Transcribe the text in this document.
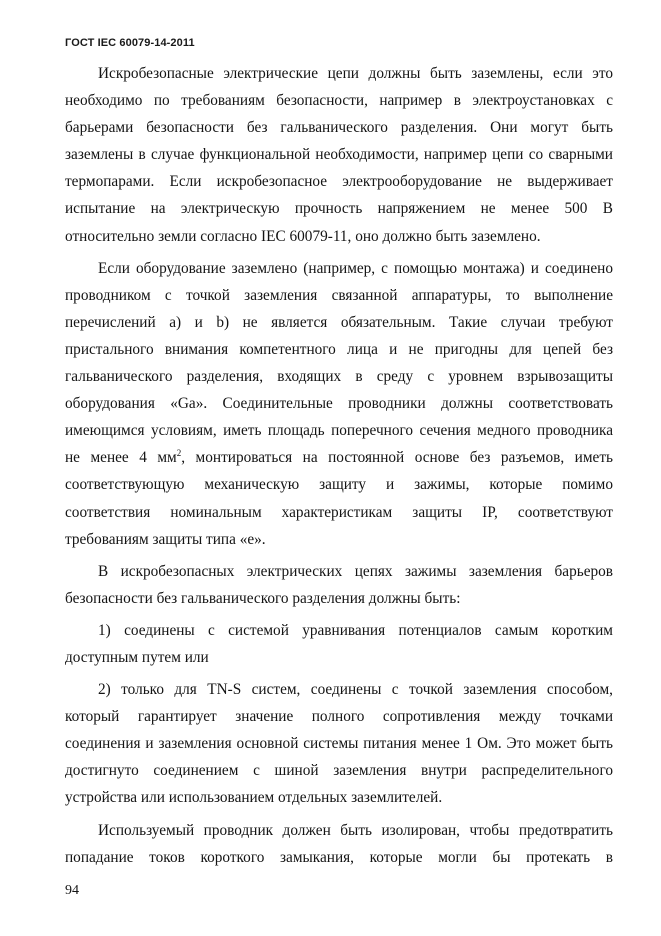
ГОСТ IEC 60079-14-2011
Искробезопасные электрические цепи должны быть заземлены, если это
необходимо по требованиям безопасности, например в электроустановках с
барьерами безопасности без гальванического разделения. Они могут быть
заземлены в случае функциональной необходимости, например цепи со сварными
термопарами. Если искробезопасное электрооборудование не выдерживает
испытание на электрическую прочность напряжением не менее 500 В
относительно земли согласно IEC 60079-11, оно должно быть заземлено.
Если оборудование заземлено (например, с помощью монтажа) и соединено
проводником с точкой заземления связанной аппаратуры, то выполнение
перечислений а) и b) не является обязательным. Такие случаи требуют
пристального внимания компетентного лица и не пригодны для цепей без
гальванического разделения, входящих в среду с уровнем взрывозащиты
оборудования «Ga». Соединительные проводники должны соответствовать
имеющимся условиям, иметь площадь поперечного сечения медного проводника
не менее 4 $мм^2$, монтироваться на постоянной основе без разъемов, иметь
соответствующую механическую защиту и зажимы, которые помимо
соответствия номинальным характеристикам защиты IP, соответствуют
требованиям защиты типа «е».
В искробезопасных электрических цепях зажимы заземления барьеров
безопасности без гальванического разделения должны быть:
1) соединены с системой уравнивания потенциалов самым коротким
доступным путем или
2) только для TN-S систем, соединены с точкой заземления способом,
который гарантирует значение полного сопротивления между точками
соединения и заземления основной системы питания менее 1 Ом. Это может быть
достигнуто соединением с шиной заземления внутри распределительного
устройства или использованием отдельных заземлителей.
Используемый проводник должен быть изолирован, чтобы предотвратить
попадание токов короткого замыкания, которые могли бы протекать в
94
